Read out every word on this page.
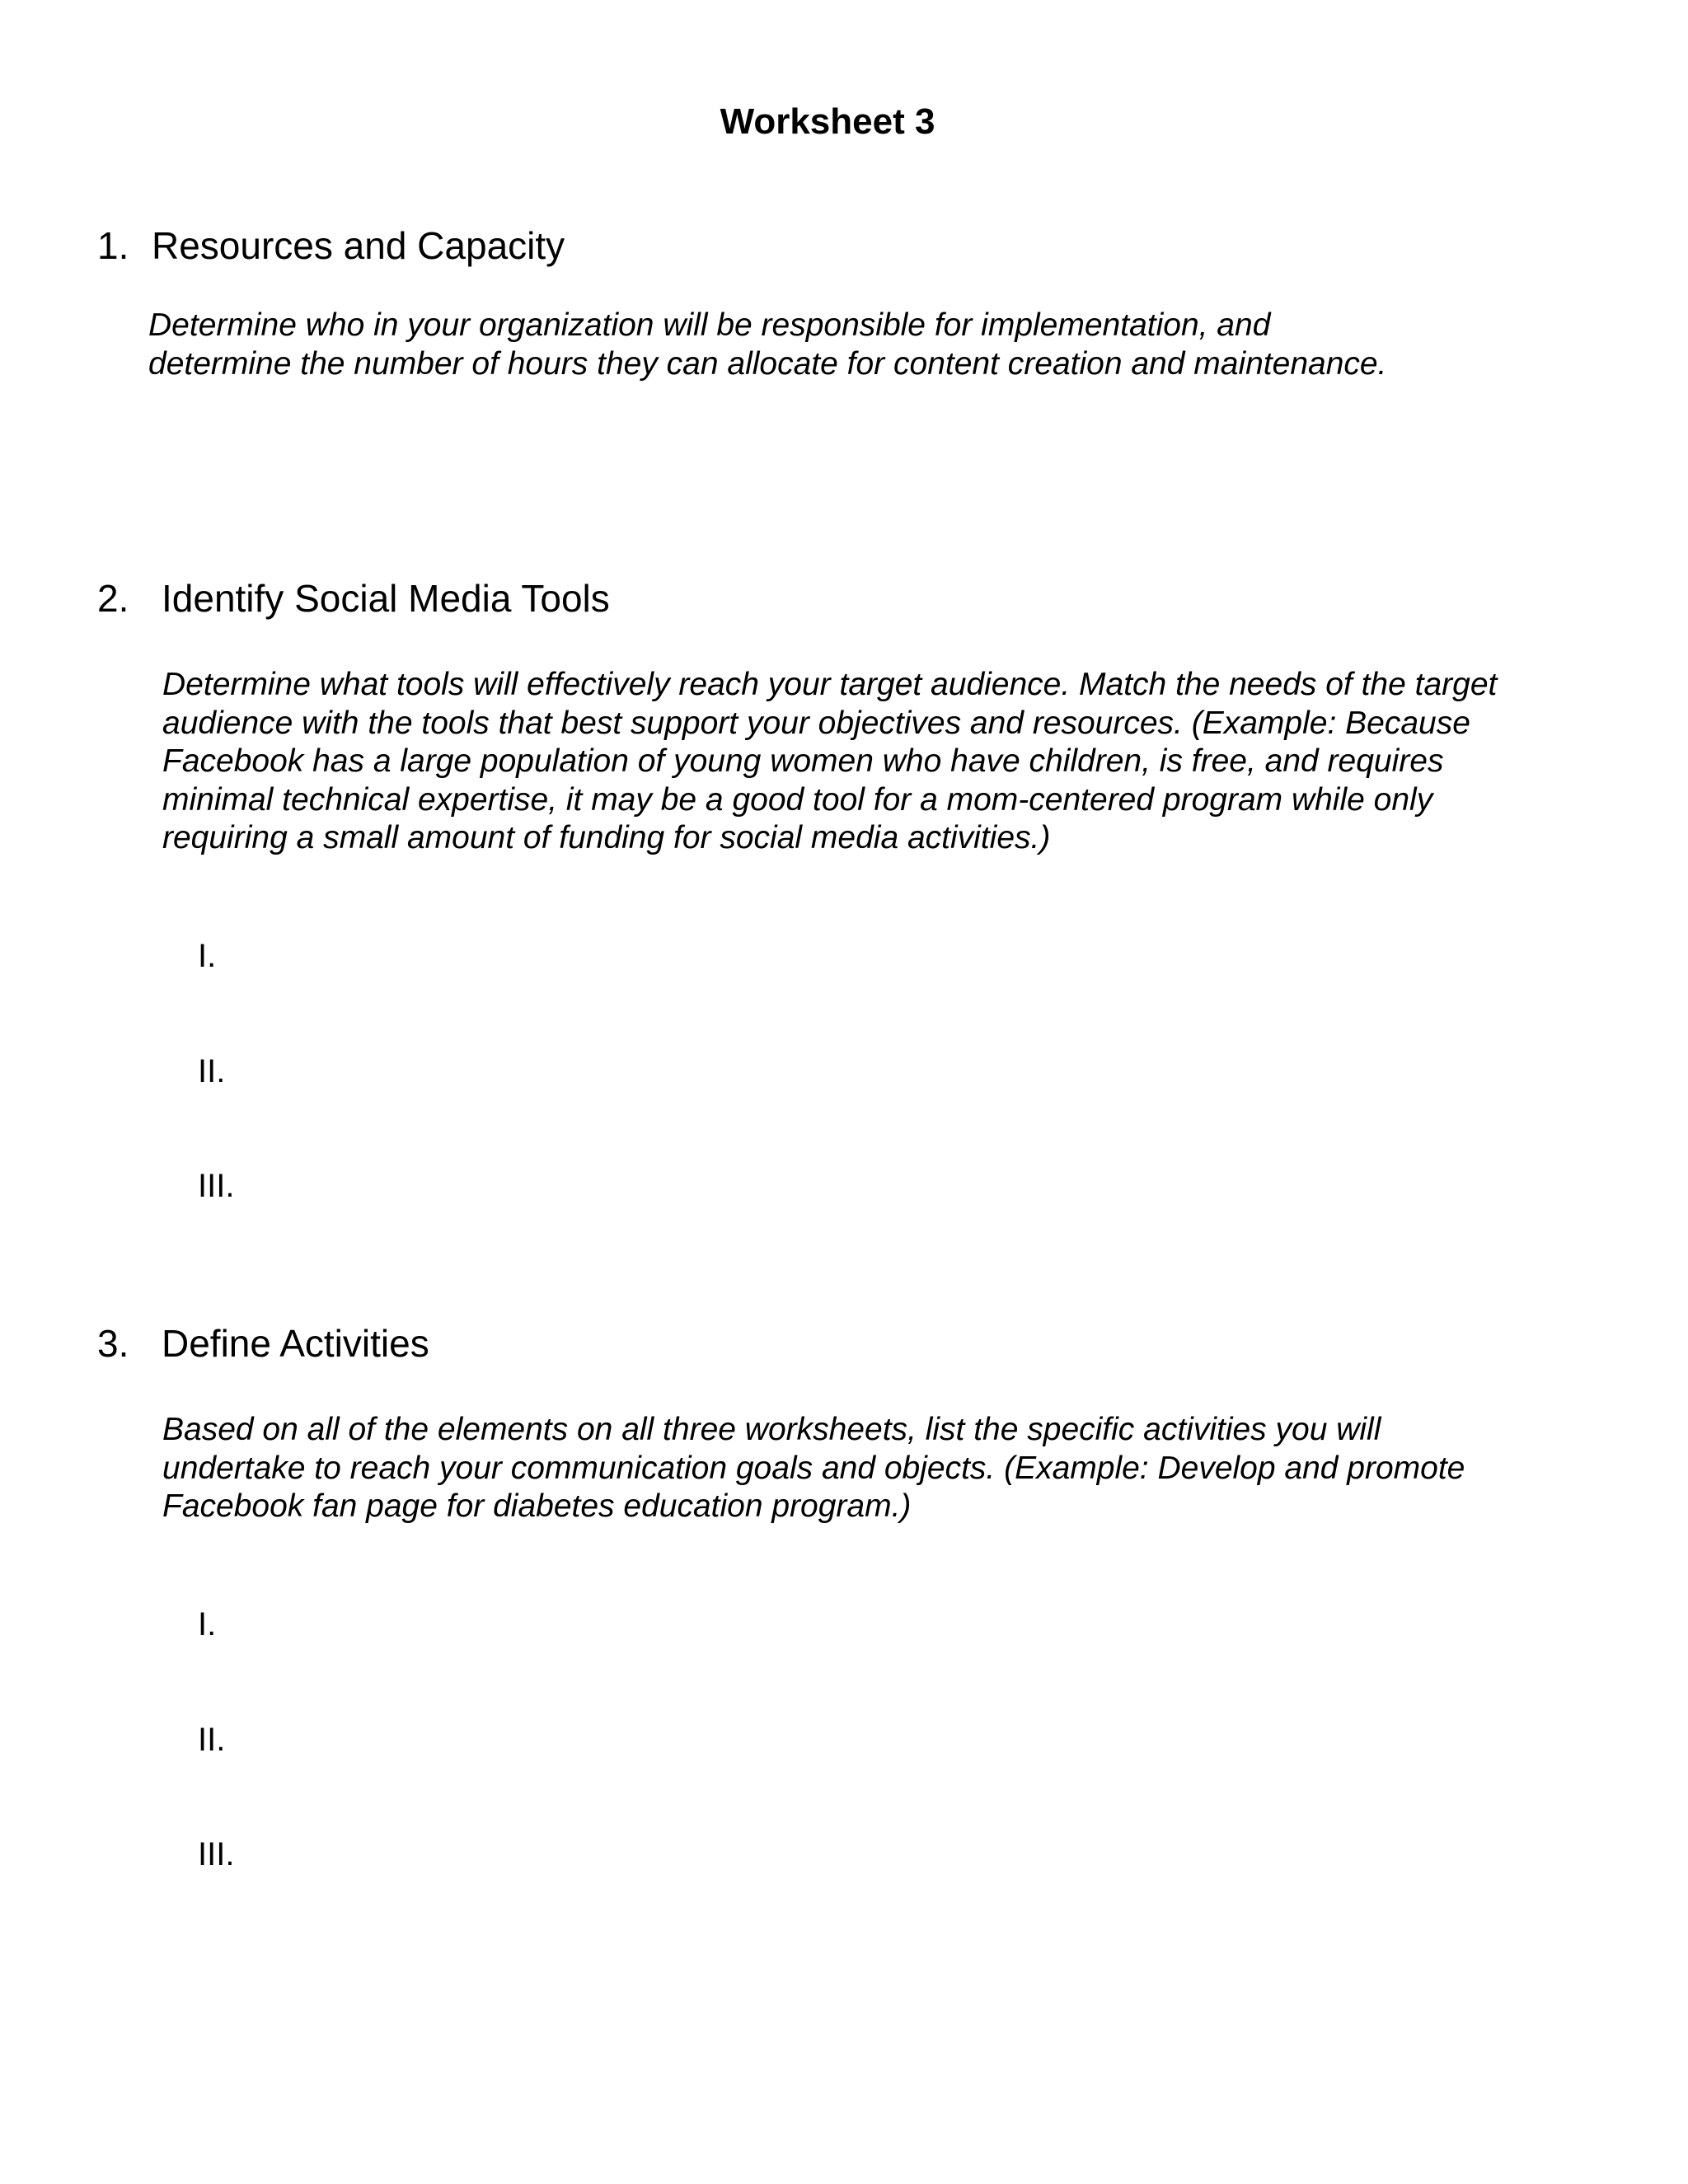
Worksheet 3
1. Resources and Capacity
Determine who in your organization will be responsible for implementation, and
determine the number of hours they can allocate for content creation and maintenance.
2. Identify Social Media Tools
Determine what tools will effectively reach your target audience. Match the needs of the target
audience with the tools that best support your objectives and resources. (Example: Because
Facebook has a large population of young women who have children, is free, and requires
minimal technical expertise, it may be a good tool for a mom-centered program while only
requiring a small amount of funding for social media activities.)
I.
II.
III.
3. Define Activities
Based on all of the elements on all three worksheets, list the specific activities you will
undertake to reach your communication goals and objects. (Example: Develop and promote
Facebook fan page for diabetes education program.)
I.
II.
III.
